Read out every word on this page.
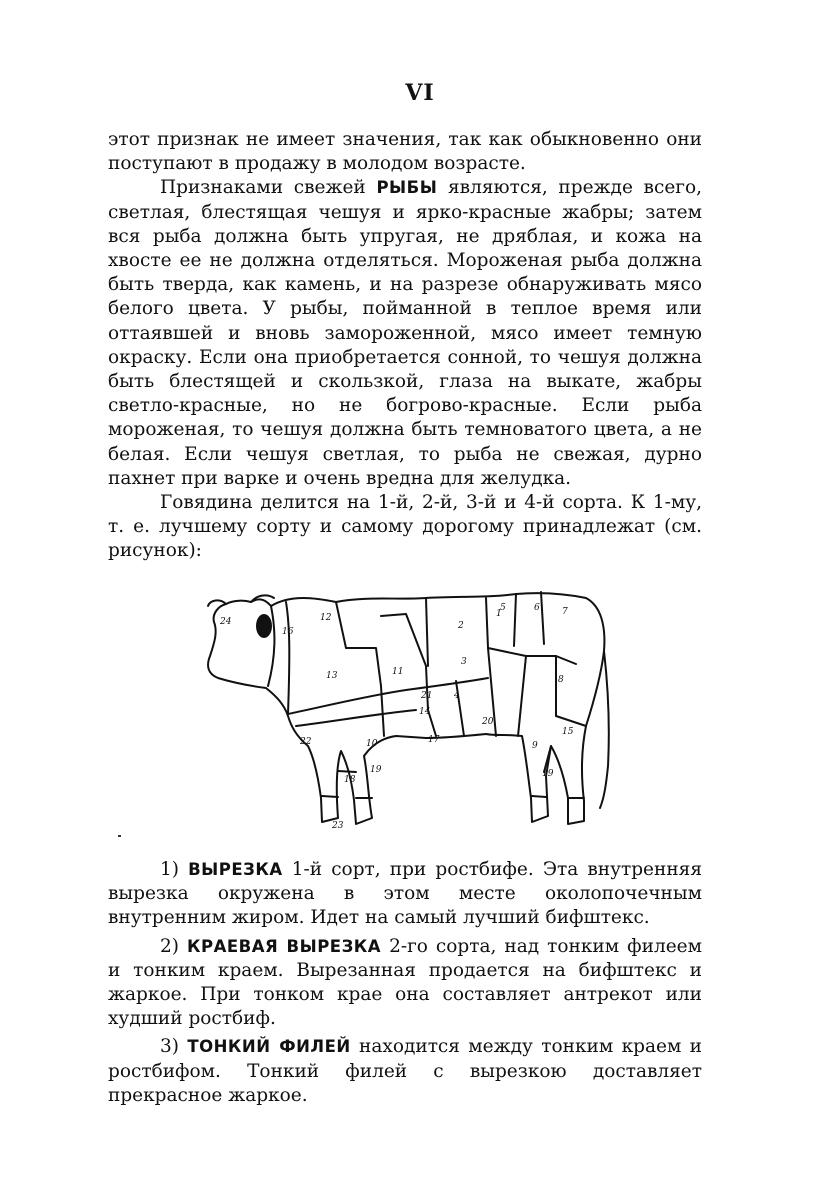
VI

этот признак не имеет значения, так как обыкновенно они поступают в продажу в молодом возрасте.

Признаками свежей РЫБЫ являются, прежде всего, светлая, блестящая чешуя и ярко-красные жабры; затем вся рыба должна быть упругая, не дряблая, и кожа на хвосте ее не должна отделяться. Мороженая рыба должна быть тверда, как камень, и на разрезе обнаруживать мясо белого цвета. У рыбы, пойманной в теплое время или оттаявшей и вновь замороженной, мясо имеет темную окраску. Если она приобретается сонной, то чешуя должна быть блестящей и скользкой, глаза на выкате, жабры светло-красные, но не богрово-красные. Если рыба мороженая, то чешуя должна быть темноватого цвета, а не белая. Если чешуя светлая, то рыба не свежая, дурно пахнет при варке и очень вредна для желудка.

Говядина делится на 1-й, 2-й, 3-й и 4-й сорта. К 1-му, т. е. лучшему сорту и самому дорогому принадлежат (см. рисунок):

1
2
3
4
5	6 7
8
9
10
11
12
13
14
15
16
17
18
19	19
20
21
22
23
24

1) ВЫРЕЗКА 1-й сорт, при ростбифе. Эта внутренняя вырезка окружена в этом месте околопочечным внутренним жиром. Идет на самый лучший бифштекс.

2) КРАЕВАЯ ВЫРЕЗКА 2-го сорта, над тонким филеем и тонким краем. Вырезанная продается на бифштекс и жаркое. При тонком крае она составляет антрекот или худший ростбиф.

3) ТОНКИЙ ФИЛЕЙ находится между тонким краем и ростбифом. Тонкий филей с вырезкою доставляет прекрасное жаркое.
